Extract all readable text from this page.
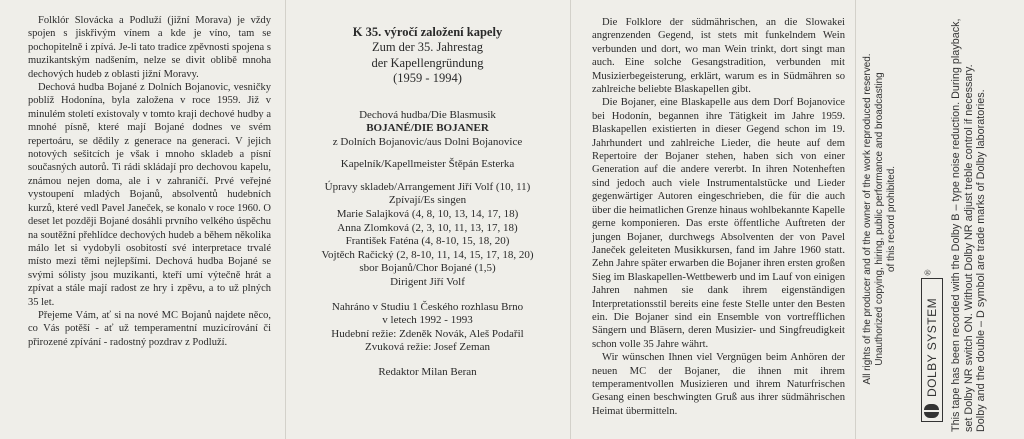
Folklór Slovácka a Podluží (jižní Morava) je vždy spojen s jiskřivým vínem a kde je víno, tam se pochopitelně i zpívá. Je-li tato tradice zpěvnosti spojena s muzikantským nadšením, nelze se divit oblibě mnoha dechových hudeb z oblasti jižní Moravy.

Dechová hudba Bojané z Dolních Bojanovic, vesničky poblíž Hodonína, byla založena v roce 1959. Již v minulém století existovaly v tomto kraji dechové hudby a mnohé písně, které mají Bojané dodnes ve svém repertoáru, se dědily z generace na generaci. V jejich notových sešitcích je však i mnoho skladeb a písní současných autorů. Ti rádi skládají pro dechovou kapelu, známou nejen doma, ale i v zahraničí. Prvé veřejné vystoupení mladých Bojanů, absolventů hudebních kurzů, které vedl Pavel Janeček, se konalo v roce 1960. O deset let později Bojané dosáhli prvního velkého úspěchu na soutěžní přehlídce dechových hudeb a během několika málo let si vydobyli osobitostí své interpretace trvalé místo mezi těmi nejlepšími. Dechová hudba Bojané se svými sólisty jsou muzikanti, kteří umí výtečně hrát a zpívat a stále mají radost ze hry i zpěvu, a to už plných 35 let.

Přejeme Vám, ať si na nové MC Bojanů najdete něco, co Vás potěší - ať už temperamentní muzicírování či přirozené zpívání - radostný pozdrav z Podluží.

K 35. výročí založení kapely
Zum der 35. Jahrestag
der Kapellengründung
(1959 - 1994)
Dechová hudba/Die Blasmusik
BOJANÉ/DIE BOJANER
z Dolních Bojanovic/aus Dolni Bojanovice
Kapelník/Kapellmeister Štěpán Esterka
Úpravy skladeb/Arrangement Jiří Volf (10, 11)
Zpívají/Es singen
Marie Salajková (4, 8, 10, 13, 14, 17, 18)
Anna Zlomková (2, 3, 10, 11, 13, 17, 18)
František Faténa (4, 8-10, 15, 18, 20)
Vojtěch Račický (2, 8-10, 11, 14, 15, 17, 18, 20)
sbor Bojanů/Chor Bojané (1,5)
Dirigent Jiří Volf
Nahráno v Studiu 1 Českého rozhlasu Brno
v letech 1992 - 1993
Hudební režie: Zdeněk Novák, Aleš Podařil
Zvuková režie: Josef Zeman
Redaktor Milan Beran

Die Folklore der südmährischen, an die Slowakei angrenzenden Gegend, ist stets mit funkelndem Wein verbunden und dort, wo man Wein trinkt, dort singt man auch. Eine solche Gesangstradition, verbunden mit Musizierbegeisterung, erklärt, warum es in Südmähren so zahlreiche beliebte Blaskapellen gibt.

Die Bojaner, eine Blaskapelle aus dem Dorf Bojanovice bei Hodonín, begannen ihre Tätigkeit im Jahre 1959. Blaskapellen existierten in dieser Gegend schon im 19. Jahrhundert und zahlreiche Lieder, die heute auf dem Repertoire der Bojaner stehen, haben sich von einer Generation auf die andere vererbt. In ihren Notenheften sind jedoch auch viele Instrumentalstücke und Lieder gegenwärtiger Autoren eingeschrieben, die für die auch über die heimatlichen Grenze hinaus wohlbekannte Kapelle gerne komponieren. Das erste öffentliche Auftreten der jungen Bojaner, durchwegs Absolventen der von Pavel Janeček geleiteten Musikkursen, fand im Jahre 1960 statt. Zehn Jahre später erwarben die Bojaner ihren ersten großen Sieg im Blaskapellen-Wettbewerb und im Lauf von einigen Jahren nahmen sie dank ihrem eigenständigen Interpretationsstil bereits eine feste Stelle unter den Besten ein. Die Bojaner sind ein Ensemble von vortrefflichen Sängern und Bläsern, deren Musizier- und Singfreudigkeit schon volle 35 Jahre währt.

Wir wünschen Ihnen viel Vergnügen beim Anhören der neuen MC der Bojaner, die ihnen mit ihrem temperamentvollen Musizieren und ihrem Naturfrischen Gesang einen beschwingten Gruß aus ihrer südmährischen Heimat übermitteln.

All rights of the producer and of the owner of the work reproduced reserved. Unauthorized copying, hiring, public performance and broadcasting of this record prohibited.
DOLBY SYSTEM
® This tape has been recorded with the Dolby B – type noise reduction. During playback, set Dolby NR switch ON. Without Dolby NR adjust treble control if necessary. Dolby and the double – D symbol are trade marks of Dolby laboratories.
